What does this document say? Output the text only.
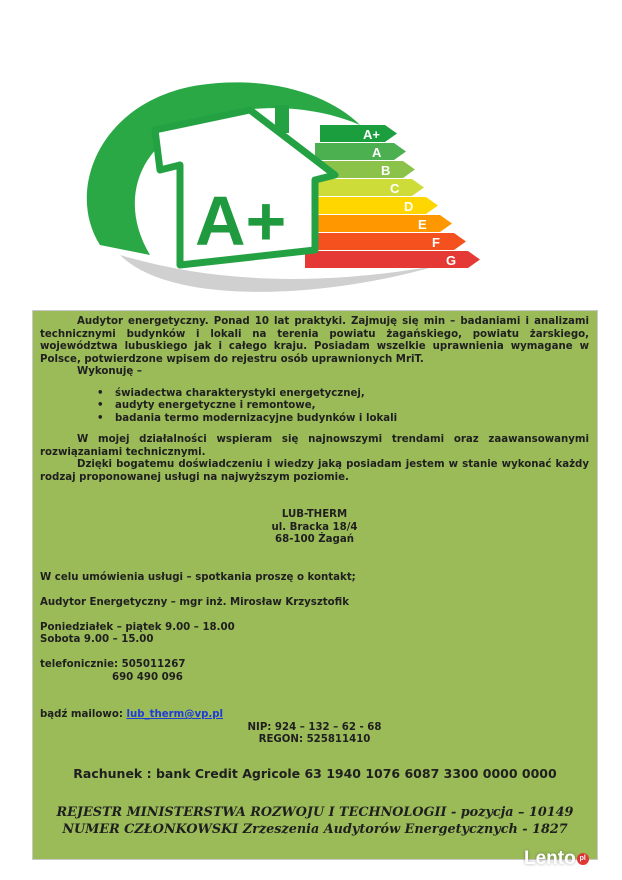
A+
A
B
C
D
E
F
G
A+

Audytor energetyczny. Ponad 10 lat praktyki. Zajmuję się min – badaniami i analizami technicznymi budynków i lokali na terenia powiatu żagańskiego, powiatu żarskiego, województwa lubuskiego jak i całego kraju. Posiadam wszelkie uprawnienia wymagane w Polsce, potwierdzone wpisem do rejestru osób uprawnionych MriT.

Wykonuję –

• świadectwa charakterystyki energetycznej,
• audyty energetyczne i remontowe,
• badania termo modernizacyjne budynków i lokali

W mojej działalności wspieram się najnowszymi trendami oraz zaawansowanymi rozwiązaniami technicznymi.

Dzięki bogatemu doświadczeniu i wiedzy jaką posiadam jestem w stanie wykonać każdy rodzaj proponowanej usługi na najwyższym poziomie.

LUB-THERM

ul. Bracka 18/4

68-100 Żagań

W celu umówienia usługi – spotkania proszę o kontakt;

Audytor Energetyczny – mgr inż. Mirosław Krzysztofik

Poniedziałek – piątek 9.00 – 18.00

Sobota 9.00 – 15.00

telefonicznie: 505011267

690 490 096

bądź mailowo: lub_therm@vp.pl

NIP: 924 – 132 – 62 - 68

REGON: 525811410

Rachunek : bank Credit Agricole 63 1940 1076 6087 3300 0000 0000
REJESTR MINISTERSTWA ROZWOJU I TECHNOLOGII - pozycja – 10149
NUMER CZŁONKOWSKI Zrzeszenia Audytorów Energetycznych - 1827
Lento pl
